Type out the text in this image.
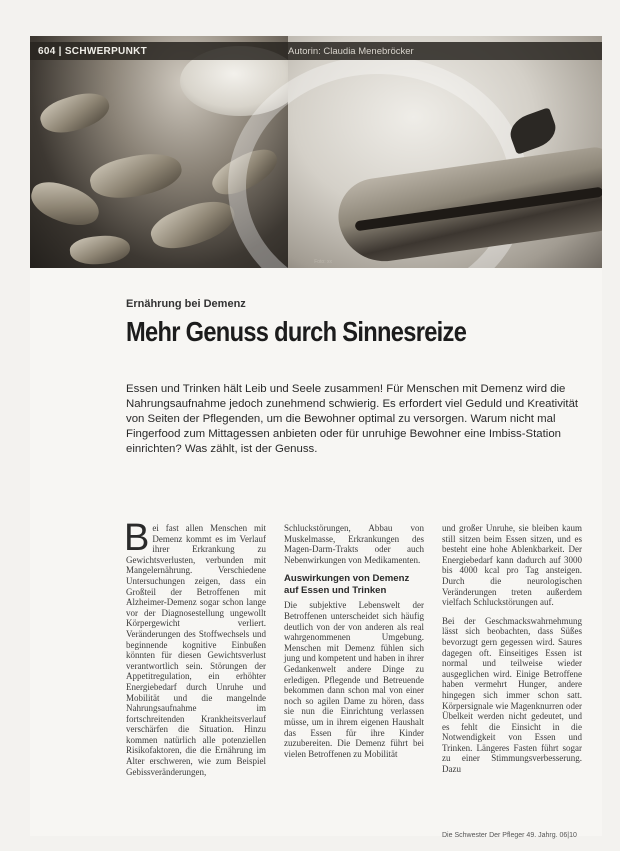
604 | SCHWERPUNKT	Autorin: Claudia Menebröcker
Foto: xx
Ernährung bei Demenz
Mehr Genuss durch Sinnesreize
Essen und Trinken hält Leib und Seele zusammen! Für Menschen mit Demenz wird die Nahrungsaufnahme jedoch zunehmend schwierig. Es erfordert viel Geduld und Kreativität von Seiten der Pflegenden, um die Bewohner optimal zu versorgen. Warum nicht mal Fingerfood zum Mittagessen anbieten oder für unruhige Bewohner eine Imbiss-Station einrichten? Was zählt, ist der Genuss.

Bei fast allen Menschen mit Demenz kommt es im Verlauf ihrer Erkrankung zu Gewichtsverlusten, verbunden mit Mangelernährung. Verschiedene Untersuchungen zeigen, dass ein Großteil der Betroffenen mit Alzheimer-Demenz sogar schon lange vor der Diagnosestellung ungewollt Körpergewicht verliert. Veränderungen des Stoffwechsels und beginnende kognitive Einbußen könnten für diesen Gewichtsverlust verantwortlich sein. Störungen der Appetitregulation, ein erhöhter Energiebedarf durch Unruhe und Mobilität und die mangelnde Nahrungsaufnahme im fortschreitenden Krankheitsverlauf verschärfen die Situation. Hinzu kommen natürlich alle potenziellen Risikofaktoren, die die Ernährung im Alter erschweren, wie zum Beispiel Gebissveränderungen,

Schluckstörungen, Abbau von Muskelmasse, Erkrankungen des Magen-Darm-Trakts oder auch Nebenwirkungen von Medikamenten.

Auswirkungen von Demenz auf Essen und Trinken

Die subjektive Lebenswelt der Betroffenen unterscheidet sich häufig deutlich von der von anderen als real wahrgenommenen Umgebung. Menschen mit Demenz fühlen sich jung und kompetent und haben in ihrer Gedankenwelt andere Dinge zu erledigen. Pflegende und Betreuende bekommen dann schon mal von einer noch so agilen Dame zu hören, dass sie nun die Einrichtung verlassen müsse, um in ihrem eigenen Haushalt das Essen für ihre Kinder zuzubereiten. Die Demenz führt bei vielen Betroffenen zu Mobilität

und großer Unruhe, sie bleiben kaum still sitzen beim Essen sitzen, und es besteht eine hohe Ablenkbarkeit. Der Energiebedarf kann dadurch auf 3000 bis 4000 kcal pro Tag ansteigen. Durch die neurologischen Veränderungen treten außerdem vielfach Schluckstörungen auf.

Bei der Geschmackswahrnehmung lässt sich beobachten, dass Süßes bevorzugt gern gegessen wird. Saures dagegen oft. Einseitiges Essen ist normal und teilweise wieder ausgeglichen wird. Einige Betroffene haben vermehrt Hunger, andere hingegen sich immer schon satt. Körpersignale wie Magenknurren oder Übelkeit werden nicht gedeutet, und es fehlt die Einsicht in die Notwendigkeit von Essen und Trinken. Längeres Fasten führt sogar zu einer Stimmungsverbesserung. Dazu

Die Schwester Der Pfleger 49. Jahrg. 06|10
